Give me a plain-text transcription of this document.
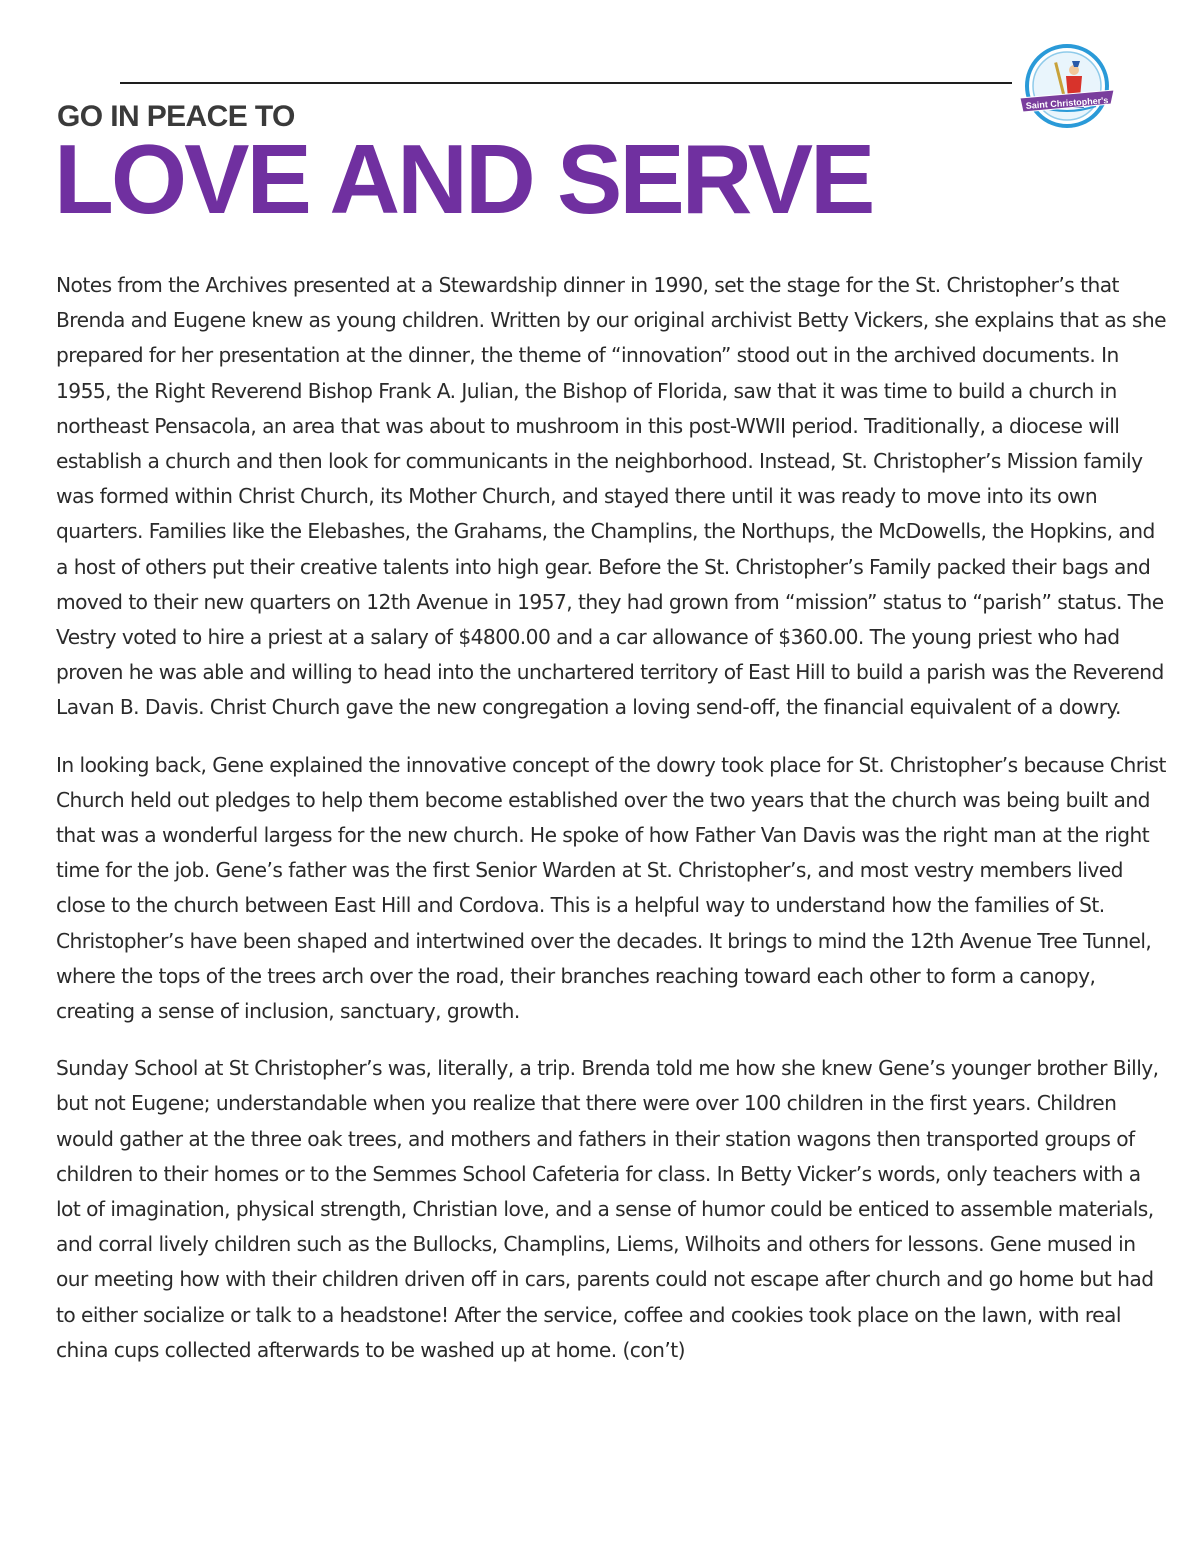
Saint Christopher's
GO IN PEACE TO
LOVE AND SERVE

Notes from the Archives presented at a Stewardship dinner in 1990, set the stage for the St. Christopher’s that Brenda and Eugene knew as young children. Written by our original archivist Betty Vickers, she explains that as she prepared for her presentation at the dinner, the theme of “innovation” stood out in the archived documents. In 1955, the Right Reverend Bishop Frank A. Julian, the Bishop of Florida, saw that it was time to build a church in northeast Pensacola, an area that was about to mushroom in this post-WWII period. Traditionally, a diocese will establish a church and then look for communicants in the neighborhood. Instead, St. Christopher’s Mission family was formed within Christ Church, its Mother Church, and stayed there until it was ready to move into its own quarters. Families like the Elebashes, the Grahams, the Champlins, the Northups, the McDowells, the Hopkins, and a host of others put their creative talents into high gear. Before the St. Christopher’s Family packed their bags and moved to their new quarters on 12th Avenue in 1957, they had grown from “mission” status to “parish” status. The Vestry voted to hire a priest at a salary of $4800.00 and a car allowance of $360.00. The young priest who had proven he was able and willing to head into the unchartered territory of East Hill to build a parish was the Reverend Lavan B. Davis. Christ Church gave the new congregation a loving send-off, the financial equivalent of a dowry.

In looking back, Gene explained the innovative concept of the dowry took place for St. Christopher’s because Christ Church held out pledges to help them become established over the two years that the church was being built and that was a wonderful largess for the new church. He spoke of how Father Van Davis was the right man at the right time for the job. Gene’s father was the first Senior Warden at St. Christopher’s, and most vestry members lived close to the church between East Hill and Cordova. This is a helpful way to understand how the families of St. Christopher’s have been shaped and intertwined over the decades. It brings to mind the 12th Avenue Tree Tunnel, where the tops of the trees arch over the road, their branches reaching toward each other to form a canopy, creating a sense of inclusion, sanctuary, growth.

Sunday School at St Christopher’s was, literally, a trip. Brenda told me how she knew Gene’s younger brother Billy, but not Eugene; understandable when you realize that there were over 100 children in the first years. Children would gather at the three oak trees, and mothers and fathers in their station wagons then transported groups of children to their homes or to the Semmes School Cafeteria for class. In Betty Vicker’s words, only teachers with a lot of imagination, physical strength, Christian love, and a sense of humor could be enticed to assemble materials, and corral lively children such as the Bullocks, Champlins, Liems, Wilhoits and others for lessons. Gene mused in our meeting how with their children driven off in cars, parents could not escape after church and go home but had to either socialize or talk to a headstone! After the service, coffee and cookies took place on the lawn, with real china cups collected afterwards to be washed up at home. (con’t)
